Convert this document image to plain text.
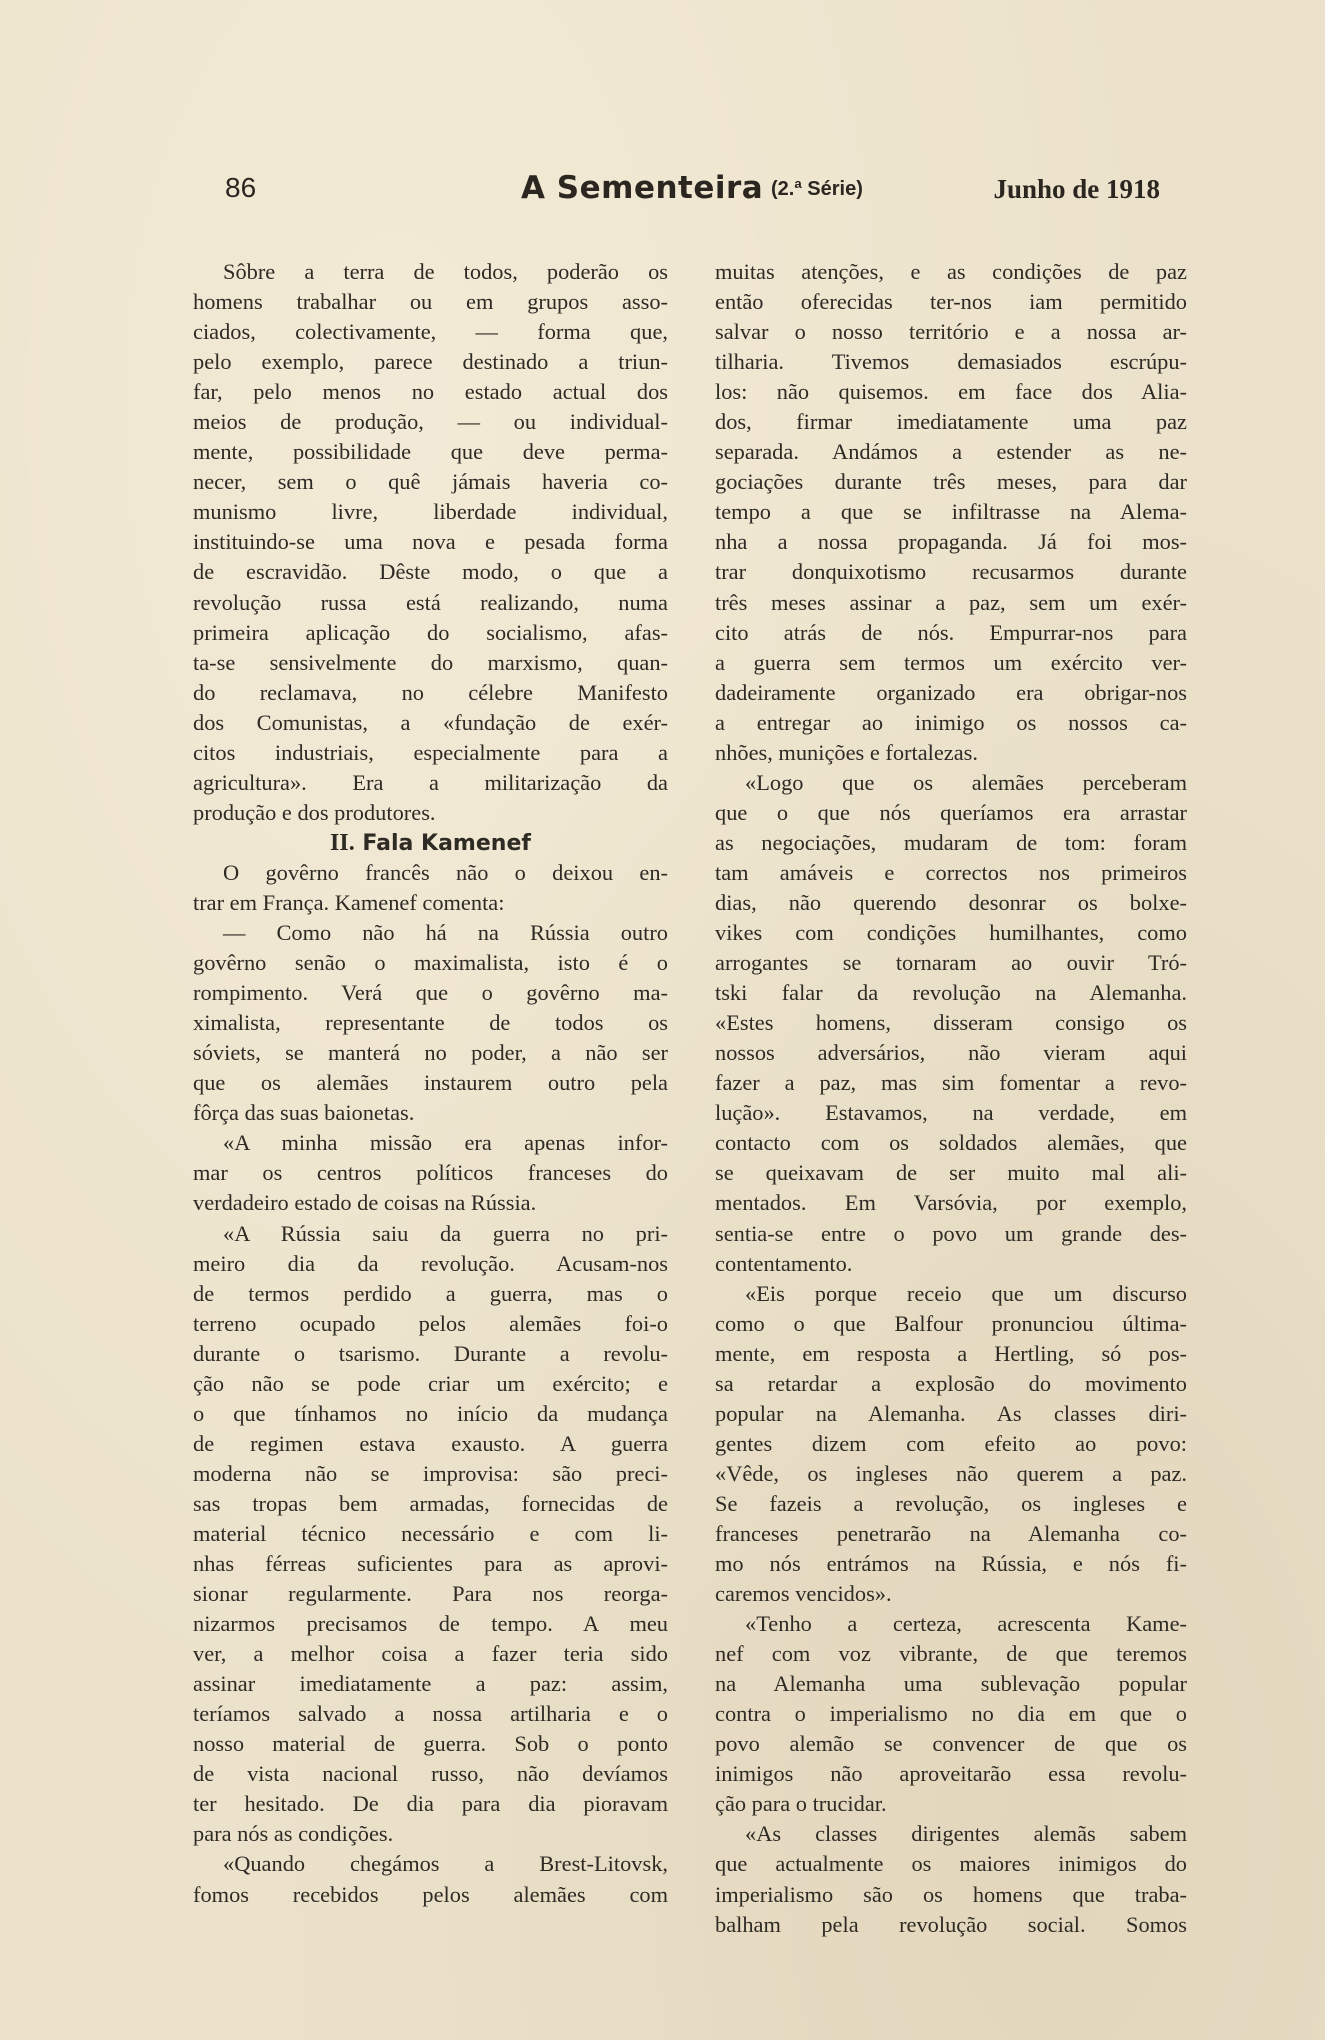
86	A Sementeira (2.ª Série)	Junho de 1918
Sôbre a terra de todos, poderão os
homens trabalhar ou em grupos asso-
ciados, colectivamente, — forma que,
pelo exemplo, parece destinado a triun-
far, pelo menos no estado actual dos
meios de produção, — ou individual-
mente, possibilidade que deve perma-
necer, sem o quê jámais haveria co-
munismo livre, liberdade individual,
instituindo-se uma nova e pesada forma
de escravidão. Dêste modo, o que a
revolução russa está realizando, numa
primeira aplicação do socialismo, afas-
ta-se sensivelmente do marxismo, quan-
do reclamava, no célebre Manifesto
dos Comunistas, a «fundação de exér-
citos industriais, especialmente para a
agricultura». Era a militarização da
produção e dos produtores.
II. Fala Kamenef
O govêrno francês não o deixou en-
trar em França. Kamenef comenta:
— Como não há na Rússia outro
govêrno senão o maximalista, isto é o
rompimento. Verá que o govêrno ma-
ximalista, representante de todos os
sóviets, se manterá no poder, a não ser
que os alemães instaurem outro pela
fôrça das suas baionetas.
«A minha missão era apenas infor-
mar os centros políticos franceses do
verdadeiro estado de coisas na Rússia.
«A Rússia saiu da guerra no pri-
meiro dia da revolução. Acusam-nos
de termos perdido a guerra, mas o
terreno ocupado pelos alemães foi-o
durante o tsarismo. Durante a revolu-
ção não se pode criar um exército; e
o que tínhamos no início da mudança
de regimen estava exausto. A guerra
moderna não se improvisa: são preci-
sas tropas bem armadas, fornecidas de
material técnico necessário e com li-
nhas férreas suficientes para as aprovi-
sionar regularmente. Para nos reorga-
nizarmos precisamos de tempo. A meu
ver, a melhor coisa a fazer teria sido
assinar imediatamente a paz: assim,
teríamos salvado a nossa artilharia e o
nosso material de guerra. Sob o ponto
de vista nacional russo, não devíamos
ter hesitado. De dia para dia pioravam
para nós as condições.
«Quando chegámos a Brest-Litovsk,
fomos recebidos pelos alemães com
muitas atenções, e as condições de paz
então oferecidas ter-nos iam permitido
salvar o nosso território e a nossa ar-
tilharia. Tivemos demasiados escrúpu-
los: não quisemos. em face dos Alia-
dos, firmar imediatamente uma paz
separada. Andámos a estender as ne-
gociações durante três meses, para dar
tempo a que se infiltrasse na Alema-
nha a nossa propaganda. Já foi mos-
trar donquixotismo recusarmos durante
três meses assinar a paz, sem um exér-
cito atrás de nós. Empurrar-nos para
a guerra sem termos um exército ver-
dadeiramente organizado era obrigar-nos
a entregar ao inimigo os nossos ca-
nhões, munições e fortalezas.
«Logo que os alemães perceberam
que o que nós queríamos era arrastar
as negociações, mudaram de tom: foram
tam amáveis e correctos nos primeiros
dias, não querendo desonrar os bolxe-
vikes com condições humilhantes, como
arrogantes se tornaram ao ouvir Tró-
tski falar da revolução na Alemanha.
«Estes homens, disseram consigo os
nossos adversários, não vieram aqui
fazer a paz, mas sim fomentar a revo-
lução». Estavamos, na verdade, em
contacto com os soldados alemães, que
se queixavam de ser muito mal ali-
mentados. Em Varsóvia, por exemplo,
sentia-se entre o povo um grande des-
contentamento.
«Eis porque receio que um discurso
como o que Balfour pronunciou últimа-
mente, em resposta a Hertling, só pos-
sa retardar a explosão do movimento
popular na Alemanha. As classes diri-
gentes dizem com efeito ao povo:
«Vêde, os ingleses não querem a paz.
Se fazeis a revolução, os ingleses e
franceses penetrarão na Alemanha co-
mo nós entrámos na Rússia, e nós fi-
caremos vencidos».
«Tenho a certeza, acrescenta Kame-
nef com voz vibrante, de que teremos
na Alemanha uma sublevação popular
contra o imperialismo no dia em que o
povo alemão se convencer de que os
inimigos não aproveitarão essa revolu-
ção para o trucidar.
«As classes dirigentes alemãs sabem
que actualmente os maiores inimigos do
imperialismo são os homens que traba-
balham pela revolução social. Somos
